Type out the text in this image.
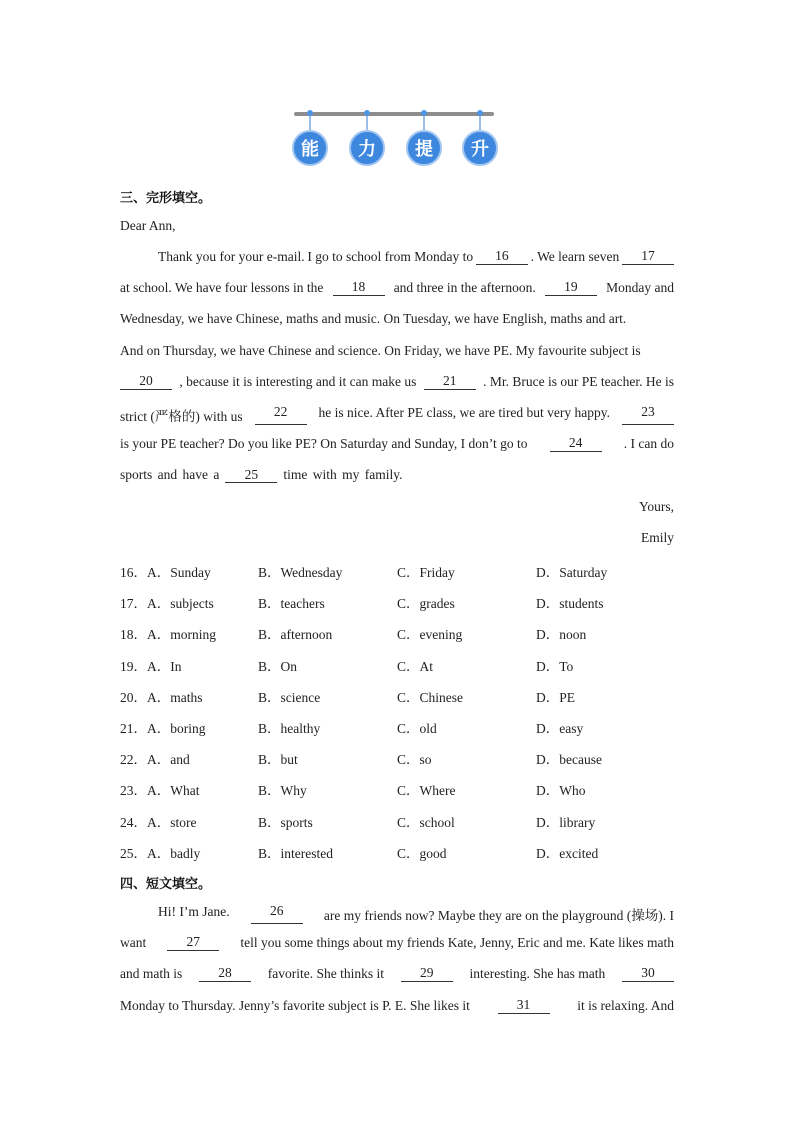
能	力	提	升
三、完形填空。
Dear Ann,
Thank you for your e-mail. I go to school from Monday to	16	. We learn seven	17
at school. We have four lessons in the	18	and three in the afternoon.	19	Monday and
Wednesday, we have Chinese, maths and music. On Tuesday, we have English, maths and art.
And on Thursday, we have Chinese and science. On Friday, we have PE. My favourite subject is
20	, because it is interesting and it can make us	21	. Mr. Bruce is our PE teacher. He is
strict (严格的) with us	22	he is nice. After PE class, we are tired but very happy.	23
is your PE teacher? Do you like PE? On Saturday and Sunday, I don’t go to	24	. I can do
sports and have a 25 time with my family.
Yours,
Emily
16．A．Sunday	B．Wednesday	C．Friday	D．Saturday
17．A．subjects	B．teachers	C．grades	D．students
18．A．morning	B．afternoon	C．evening	D．noon
19．A．In	B．On	C．At	D．To
20．A．maths	B．science	C．Chinese	D．PE
21．A．boring	B．healthy	C．old	D．easy
22．A．and	B．but	C．so	D．because
23．A．What	B．Why	C．Where	D．Who
24．A．store	B．sports	C．school	D．library
25．A．badly	B．interested	C．good	D．excited
四、短文填空。
Hi! I’m Jane.	26	are my friends now? Maybe they are on the playground (操场). I
want	27	tell you some things about my friends Kate, Jenny, Eric and me. Kate likes math
and math is	28	favorite. She thinks it	29	interesting. She has math	30
Monday to Thursday. Jenny’s favorite subject is P. E. She likes it	31	it is relaxing. And
